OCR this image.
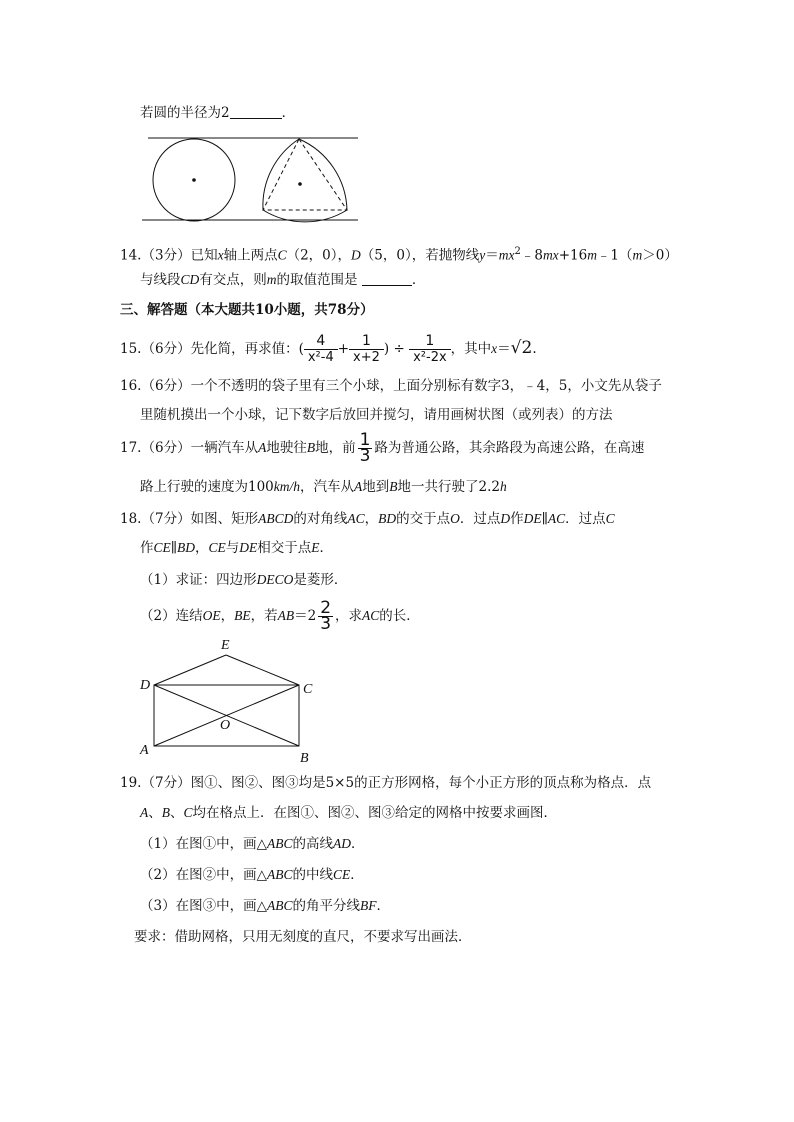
若圆的半径为2	．
14.（3分）已知x轴上两点C（2，0），D（5，0），若抛物线$y=mx^2﹣8mx+16m﹣1(m>0)$
与线段CD有交点，则m的取值范围是	．
三、解答题（本大题共10小题，共78分）
15.（6分）先化简，再求值：( $\frac{4}{\text{x²-4}} + \frac{1}{x+2}$ ) ÷ $\frac{1}{\text{x²-2x}}$ ，其中x＝√2.
16.（6分）一个不透明的袋子里有三个小球，上面分别标有数字3，﹣4，5，小文先从袋子
里随机摸出一个小球，记下数字后放回并搅匀，请用画树状图（或列表）的方法
17.（6分）一辆汽车从A地驶往B地，前 $\frac{1}{3}$ 路为普通公路，其余路段为高速公路，在高速
路上行驶的速度为100km/h，汽车从A地到B地一共行驶了2.2h
18.（7分）如图、矩形ABCD的对角线AC，BD的交于点O．过点D作DE∥AC．过点C
作CE∥BD，CE与DE相交于点E．
（1）求证：四边形DECO是菱形．
（2）连结OE，BE，若$AB=2 \frac{2}{3}$ ，求AC的长．
E
D	C
O
A
B
19.（7分）图①、图②、图③均是5×5的正方形网格，每个小正方形的顶点称为格点．点
A、B、C均在格点上．在图①、图②、图③给定的网格中按要求画图．
（1）在图①中，画△ABC的高线AD．
（2）在图②中，画△ABC的中线CE．
（3）在图③中，画△ABC的角平分线BF．
要求：借助网格，只用无刻度的直尺，不要求写出画法．
